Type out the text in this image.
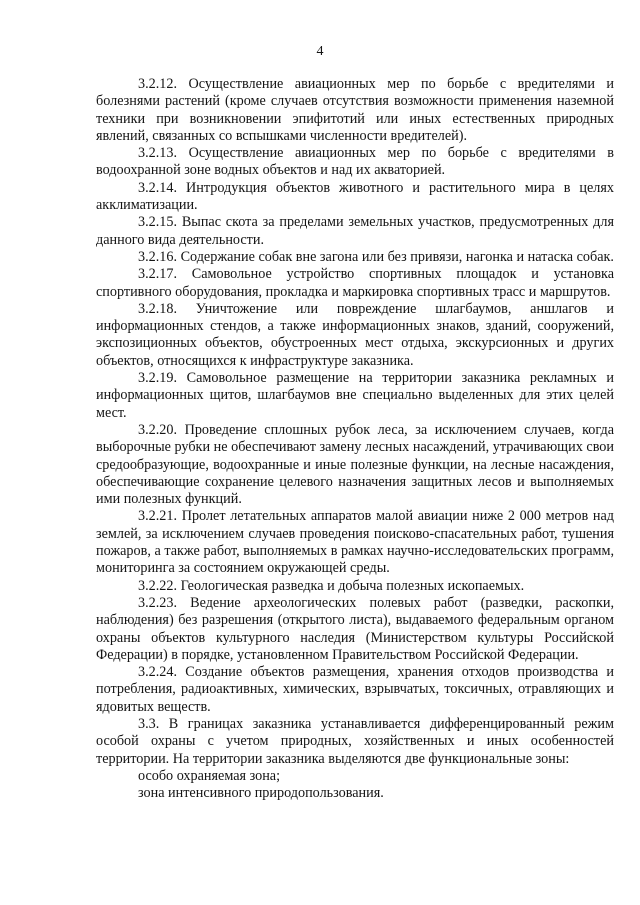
4

3.2.12. Осуществление авиационных мер по борьбе с вредителями и болезнями растений (кроме случаев отсутствия возможности применения наземной техники при возникновении эпифитотий или иных естественных природных явлений, связанных со вспышками численности вредителей).

3.2.13. Осуществление авиационных мер по борьбе с вредителями в водоохранной зоне водных объектов и над их акваторией.

3.2.14. Интродукция объектов животного и растительного мира в целях акклиматизации.

3.2.15. Выпас скота за пределами земельных участков, предусмотренных для данного вида деятельности.

3.2.16. Содержание собак вне загона или без привязи, нагонка и натаска собак.

3.2.17. Самовольное устройство спортивных площадок и установка спортивного оборудования, прокладка и маркировка спортивных трасс и маршрутов.

3.2.18. Уничтожение или повреждение шлагбаумов, аншлагов и информационных стендов, а также информационных знаков, зданий, сооружений, экспозиционных объектов, обустроенных мест отдыха, экскурсионных и других объектов, относящихся к инфраструктуре заказника.

3.2.19. Самовольное размещение на территории заказника рекламных и информационных щитов, шлагбаумов вне специально выделенных для этих целей мест.

3.2.20. Проведение сплошных рубок леса, за исключением случаев, когда выборочные рубки не обеспечивают замену лесных насаждений, утрачивающих свои средообразующие, водоохранные и иные полезные функции, на лесные насаждения, обеспечивающие сохранение целевого назначения защитных лесов и выполняемых ими полезных функций.

3.2.21. Пролет летательных аппаратов малой авиации ниже 2 000 метров над землей, за исключением случаев проведения поисково-спасательных работ, тушения пожаров, а также работ, выполняемых в рамках научно-исследовательских программ, мониторинга за состоянием окружающей среды.

3.2.22. Геологическая разведка и добыча полезных ископаемых.

3.2.23. Ведение археологических полевых работ (разведки, раскопки, наблюдения) без разрешения (открытого листа), выдаваемого федеральным органом охраны объектов культурного наследия (Министерством культуры Российской Федерации) в порядке, установленном Правительством Российской Федерации.

3.2.24. Создание объектов размещения, хранения отходов производства и потребления, радиоактивных, химических, взрывчатых, токсичных, отравляющих и ядовитых веществ.

3.3. В границах заказника устанавливается дифференцированный режим особой охраны с учетом природных, хозяйственных и иных особенностей территории. На территории заказника выделяются две функциональные зоны:

особо охраняемая зона;

зона интенсивного природопользования.
